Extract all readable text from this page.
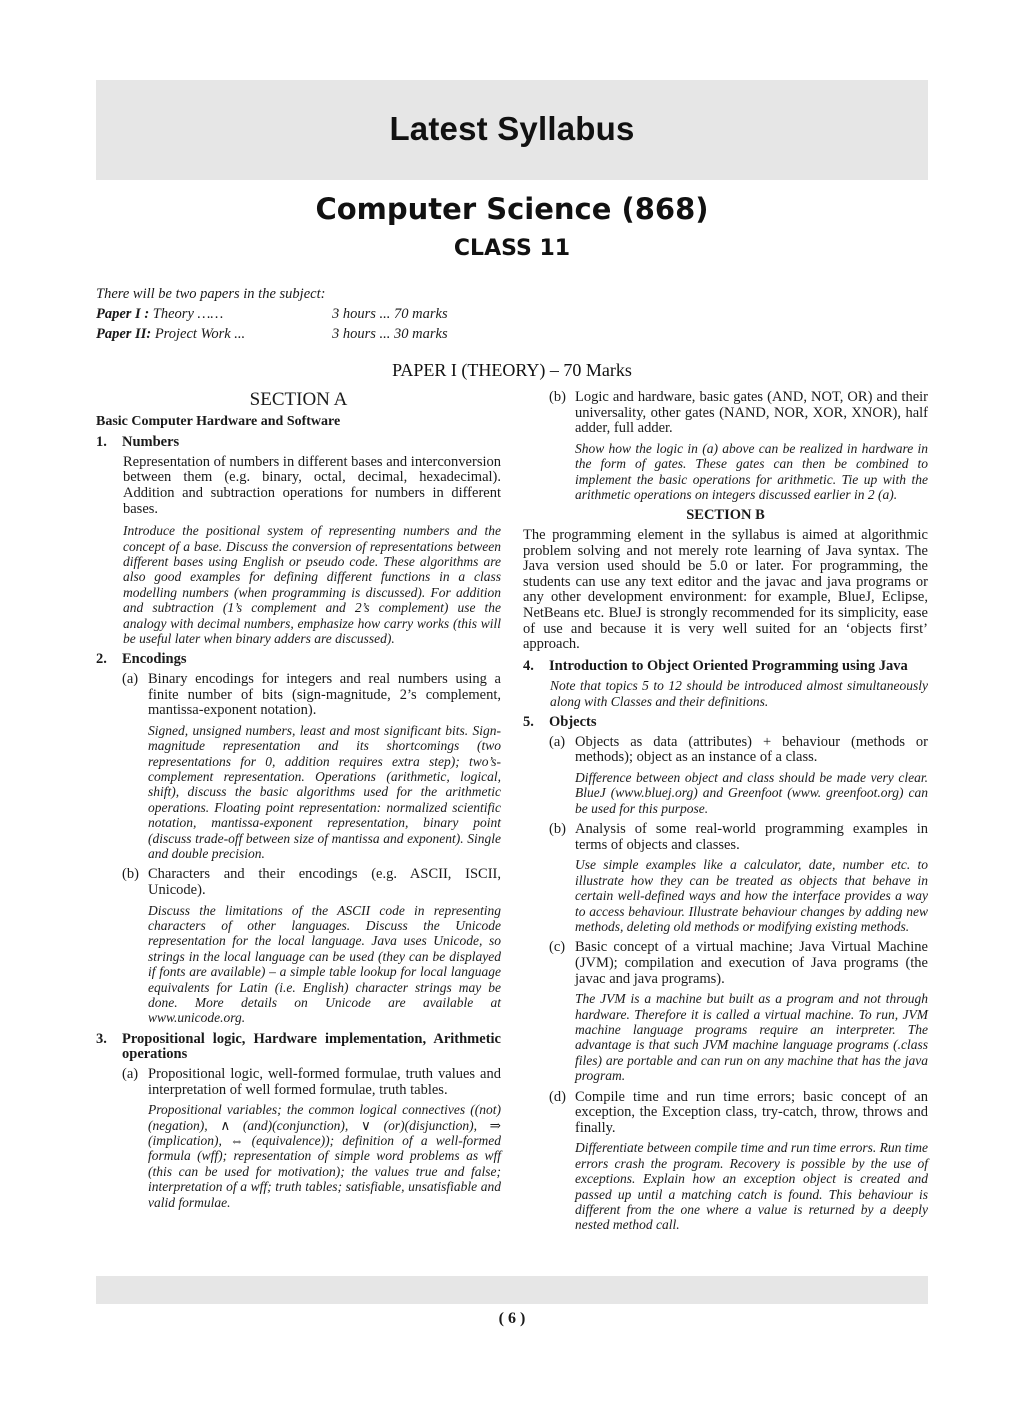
Latest Syllabus
Computer Science (868)
CLASS 11
There will be two papers in the subject:
Paper I : Theory ……	3 hours ... 70 marks
Paper II: Project Work ...	3 hours ... 30 marks
PAPER I (THEORY) – 70 Marks
SECTION A
Basic Computer Hardware and Software
1.	Numbers
Representation of numbers in different bases and interconversion between them (e.g. binary, octal, decimal, hexadecimal). Addition and subtraction operations for numbers in different bases.
Introduce the positional system of representing numbers and the concept of a base. Discuss the conversion of representations between different bases using English or pseudo code. These algorithms are also good examples for defining different functions in a class modelling numbers (when programming is discussed). For addition and subtraction (1’s complement and 2’s complement) use the analogy with decimal numbers, emphasize how carry works (this will be useful later when binary adders are discussed).
2.	Encodings
(a) Binary encodings for integers and real numbers using a finite number of bits (sign-magnitude, 2’s complement, mantissa-exponent notation).
Signed, unsigned numbers, least and most significant bits. Sign-magnitude representation and its shortcomings (two representations for 0, addition requires extra step); two’s-complement representation. Operations (arithmetic, logical, shift), discuss the basic algorithms used for the arithmetic operations. Floating point representation: normalized scientific notation, mantissa-exponent representation, binary point (discuss trade-off between size of mantissa and exponent). Single and double precision.
(b) Characters and their encodings (e.g. ASCII, ISCII, Unicode).
Discuss the limitations of the ASCII code in representing characters of other languages. Discuss the Unicode representation for the local language. Java uses Unicode, so strings in the local language can be used (they can be displayed if fonts are available) – a simple table lookup for local language equivalents for Latin (i.e. English) character strings may be done. More details on Unicode are available at www.unicode.org.
3.	Propositional logic, Hardware implementation, Arithmetic operations
(a) Propositional logic, well-formed formulae, truth values and interpretation of well formed formulae, truth tables.
Propositional variables; the common logical connectives ((not)(negation), ∧ (and)(conjunction), ∨ (or)(disjunction), ⇒ (implication), ⇔ (equivalence)); definition of a well-formed formula (wff); representation of simple word problems as wff (this can be used for motivation); the values true and false; interpretation of a wff; truth tables; satisfiable, unsatisfiable and valid formulae.
(b) Logic and hardware, basic gates (AND, NOT, OR) and their universality, other gates (NAND, NOR, XOR, XNOR), half adder, full adder.
Show how the logic in (a) above can be realized in hardware in the form of gates. These gates can then be combined to implement the basic operations for arithmetic. Tie up with the arithmetic operations on integers discussed earlier in 2 (a).
SECTION B
The programming element in the syllabus is aimed at algorithmic problem solving and not merely rote learning of Java syntax. The Java version used should be 5.0 or later. For programming, the students can use any text editor and the javac and java programs or any other development environment: for example, BlueJ, Eclipse, NetBeans etc. BlueJ is strongly recommended for its simplicity, ease of use and because it is very well suited for an ‘objects first’ approach.
4.	Introduction to Object Oriented Programming using Java
Note that topics 5 to 12 should be introduced almost simultaneously along with Classes and their definitions.
5.	Objects
(a) Objects as data (attributes) + behaviour (methods or methods); object as an instance of a class.
Difference between object and class should be made very clear. BlueJ (www.bluej.org) and Greenfoot (www. greenfoot.org) can be used for this purpose.
(b) Analysis of some real-world programming examples in terms of objects and classes.
Use simple examples like a calculator, date, number etc. to illustrate how they can be treated as objects that behave in certain well-defined ways and how the interface provides a way to access behaviour. Illustrate behaviour changes by adding new methods, deleting old methods or modifying existing methods.
(c) Basic concept of a virtual machine; Java Virtual Machine (JVM); compilation and execution of Java programs (the javac and java programs).
The JVM is a machine but built as a program and not through hardware. Therefore it is called a virtual machine. To run, JVM machine language programs require an interpreter. The advantage is that such JVM machine language programs (.class files) are portable and can run on any machine that has the java program.
(d) Compile time and run time errors; basic concept of an exception, the Exception class, try-catch, throw, throws and finally.
Differentiate between compile time and run time errors. Run time errors crash the program. Recovery is possible by the use of exceptions. Explain how an exception object is created and passed up until a matching catch is found. This behaviour is different from the one where a value is returned by a deeply nested method call.
( 6 )
